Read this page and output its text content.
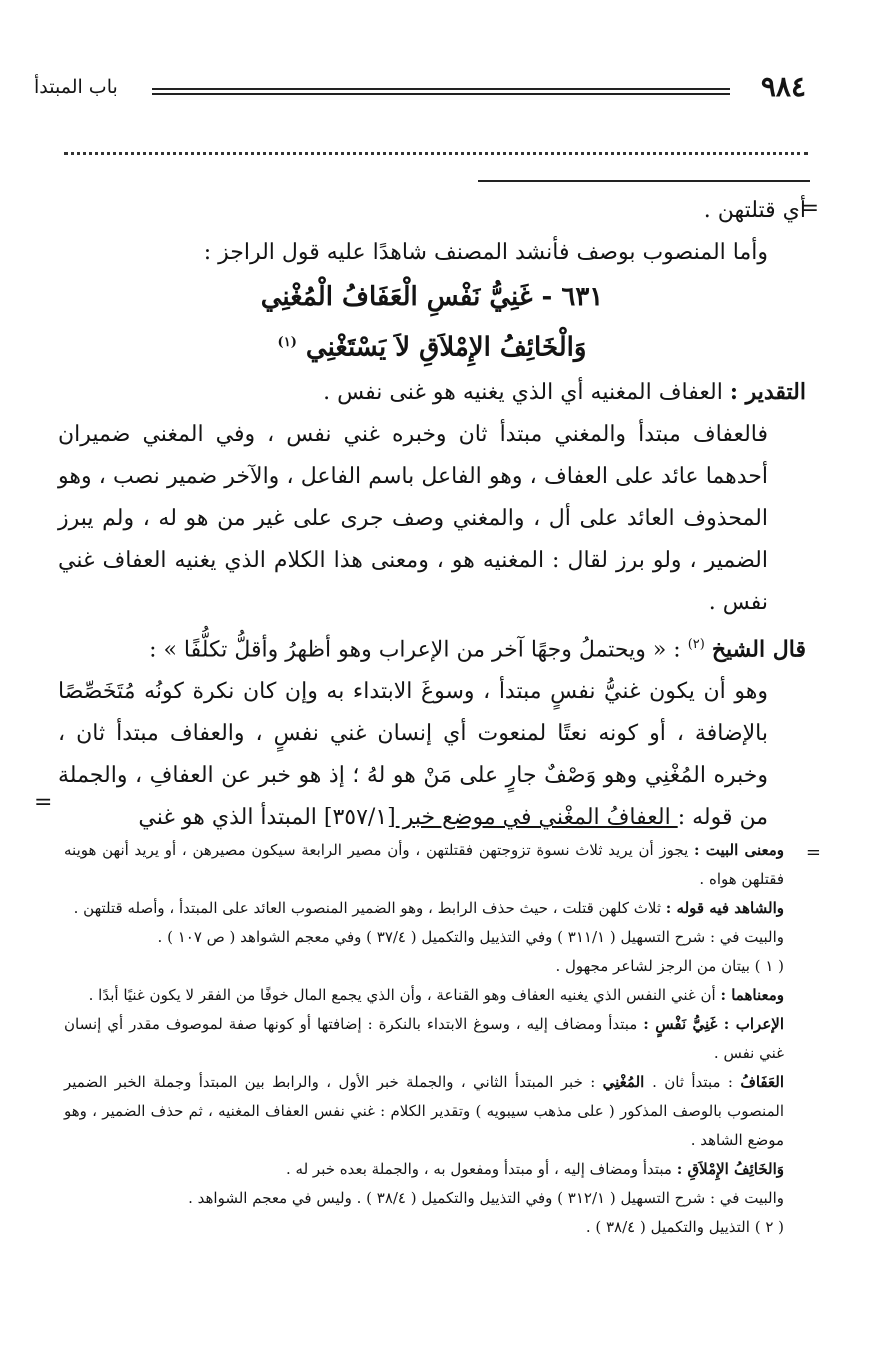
٩٨٤
باب المبتدأ
=

أي قتلتهن .

وأما المنصوب بوصف فأنشد المصنف شاهدًا عليه قول الراجز :

٦٣١ - غَنِيُّ نَفْسِ الْعَفَافُ الْمُغْنِي

وَالْخَائِفُ الإِمْلاَقِ لاَ يَسْتَغْنِي $^{(١)}$

التقدير : العفاف المغنيه أي الذي يغنيه هو غنى نفس .

فالعفاف مبتدأ والمغني مبتدأ ثان وخبره غني نفس ، وفي المغني ضميران أحدهما عائد على العفاف ، وهو الفاعل باسم الفاعل ، والآخر ضمير نصب ، وهو المحذوف العائد على أل ، والمغني وصف جرى على غير من هو له ، ولم يبرز الضمير ، ولو برز لقال : المغنيه هو ، ومعنى هذا الكلام الذي يغنيه العفاف غني نفس .

قال الشيخ $^{(٢)}$ : « ويحتملُ وجهًا آخر من الإعراب وهو أظهرُ وأقلُّ تكلُّفًا » :

وهو أن يكون غنيُّ نفسٍ مبتدأ ، وسوغَ الابتداء به وإن كان نكرة كونُه مُتَخَصِّصًا بالإضافة ، أو كونه نعتًا لمنعوت أي إنسان غني نفسٍ ، والعفاف مبتدأ ثان ، وخبره المُغْنِي وهو وَصْفٌ جارٍ على مَنْ هو لهُ ؛ إذ هو خبر عن العفافِ ، والجملة من قوله : العفافُ المغْني في موضع خبر [٣٥٧/١] المبتدأ الذي هو غني

=

ومعنى البيت : يجوز أن يريد ثلاث نسوة تزوجتهن فقتلتهن ، وأن مصير الرابعة سيكون مصيرهن ، أو يريد أنهن هوينه فقتلهن هواه .

والشاهد فيه قوله : ثلاث كلهن قتلت ، حيث حذف الرابط ، وهو الضمير المنصوب العائد على المبتدأ ، وأصله قتلتهن .

والبيت في : شرح التسهيل ( ٣١١/١ ) وفي التذييل والتكميل ( ٣٧/٤ ) وفي معجم الشواهد ( ص ١٠٧ ) .

( ١ ) بيتان من الرجز لشاعر مجهول .

ومعناهما : أن غني النفس الذي يغنيه العفاف وهو القناعة ، وأن الذي يجمع المال خوفًا من الفقر لا يكون غنيًا أبدًا .

الإعراب : غَنِيُّ نَفْسٍ : مبتدأ ومضاف إليه ، وسوغ الابتداء بالنكرة : إضافتها أو كونها صفة لموصوف مقدر أي إنسان غني نفس .

العَفَافُ : مبتدأ ثان . المُغْنِي : خبر المبتدأ الثاني ، والجملة خبر الأول ، والرابط بين المبتدأ وجملة الخبر الضمير المنصوب بالوصف المذكور ( على مذهب سيبويه ) وتقدير الكلام : غني نفس العفاف المغنيه ، ثم حذف الضمير ، وهو موضع الشاهد .

وَالخَائِفُ الإِمْلاَقِ : مبتدأ ومضاف إليه ، أو مبتدأ ومفعول به ، والجملة بعده خبر له .

والبيت في : شرح التسهيل ( ٣١٢/١ ) وفي التذييل والتكميل ( ٣٨/٤ ) . وليس في معجم الشواهد .

( ٢ ) التذييل والتكميل ( ٣٨/٤ ) .

=
